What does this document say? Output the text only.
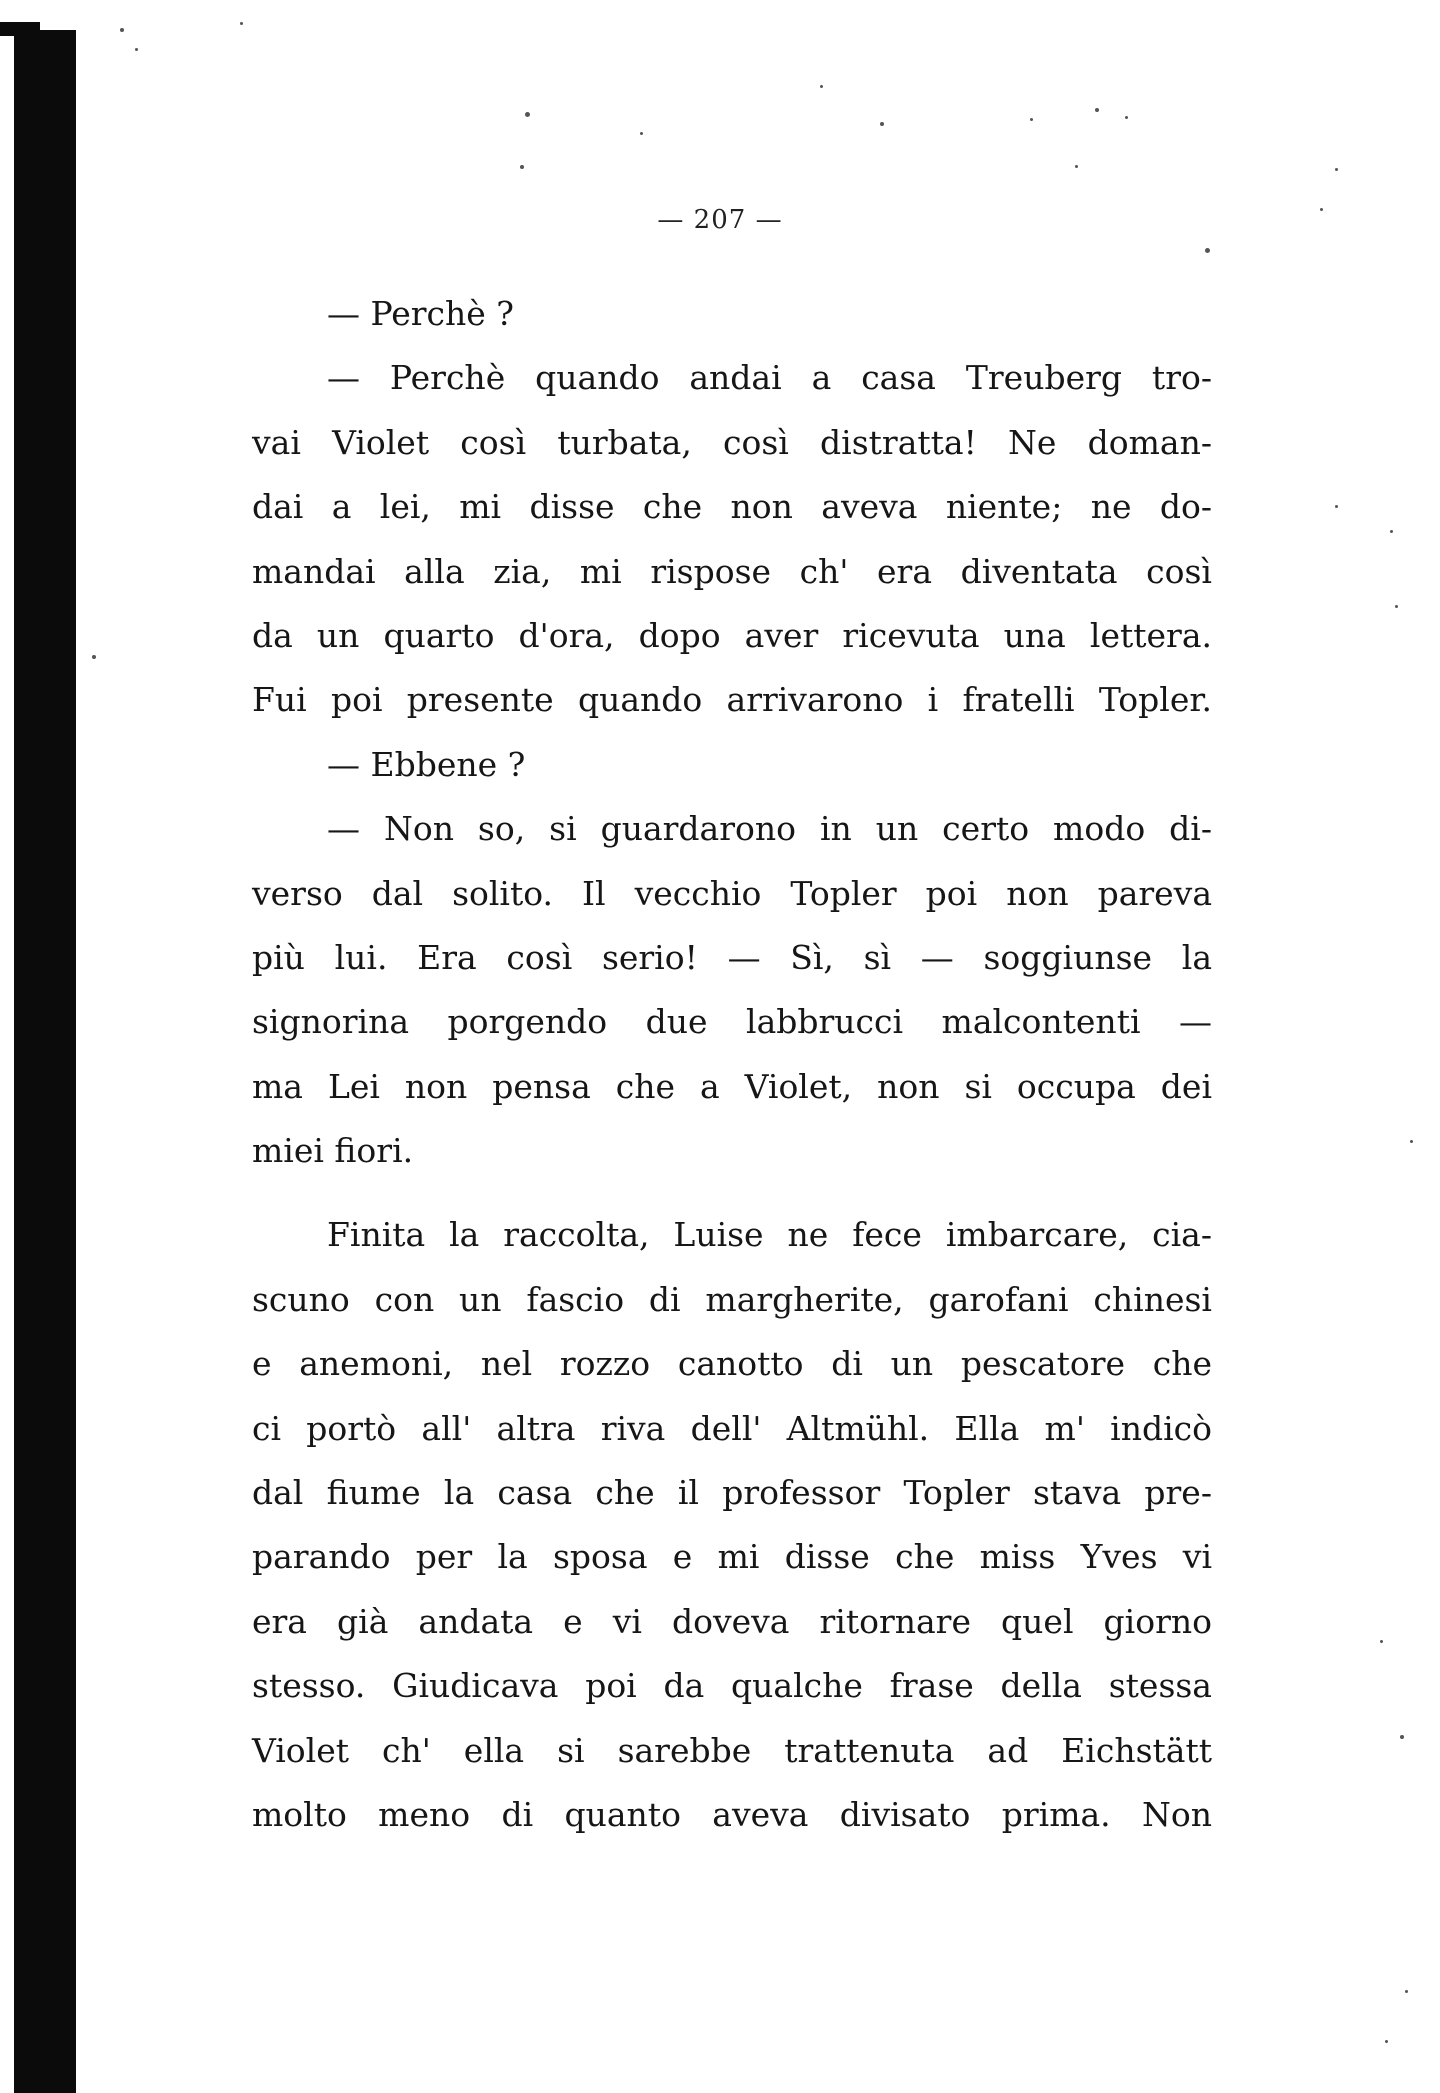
— 207 —
— Perchè ?
— Perchè quando andai a casa Treuberg tro-
vai Violet così turbata, così distratta! Ne doman-
dai a lei, mi disse che non aveva niente; ne do-
mandai alla zia, mi rispose ch' era diventata così
da un quarto d'ora, dopo aver ricevuta una lettera.
Fui poi presente quando arrivarono i fratelli Topler.
— Ebbene ?
— Non so, si guardarono in un certo modo di-
verso dal solito. Il vecchio Topler poi non pareva
più lui. Era così serio! — Sì, sì — soggiunse la
signorina porgendo due labbrucci malcontenti —
ma Lei non pensa che a Violet, non si occupa dei
miei fiori.
Finita la raccolta, Luise ne fece imbarcare, cia-
scuno con un fascio di margherite, garofani chinesi
e anemoni, nel rozzo canotto di un pescatore che
ci portò all' altra riva dell' Altmühl. Ella m' indicò
dal fiume la casa che il professor Topler stava pre-
parando per la sposa e mi disse che miss Yves vi
era già andata e vi doveva ritornare quel giorno
stesso. Giudicava poi da qualche frase della stessa
Violet ch' ella si sarebbe trattenuta ad Eichstätt
molto meno di quanto aveva divisato prima. Non
